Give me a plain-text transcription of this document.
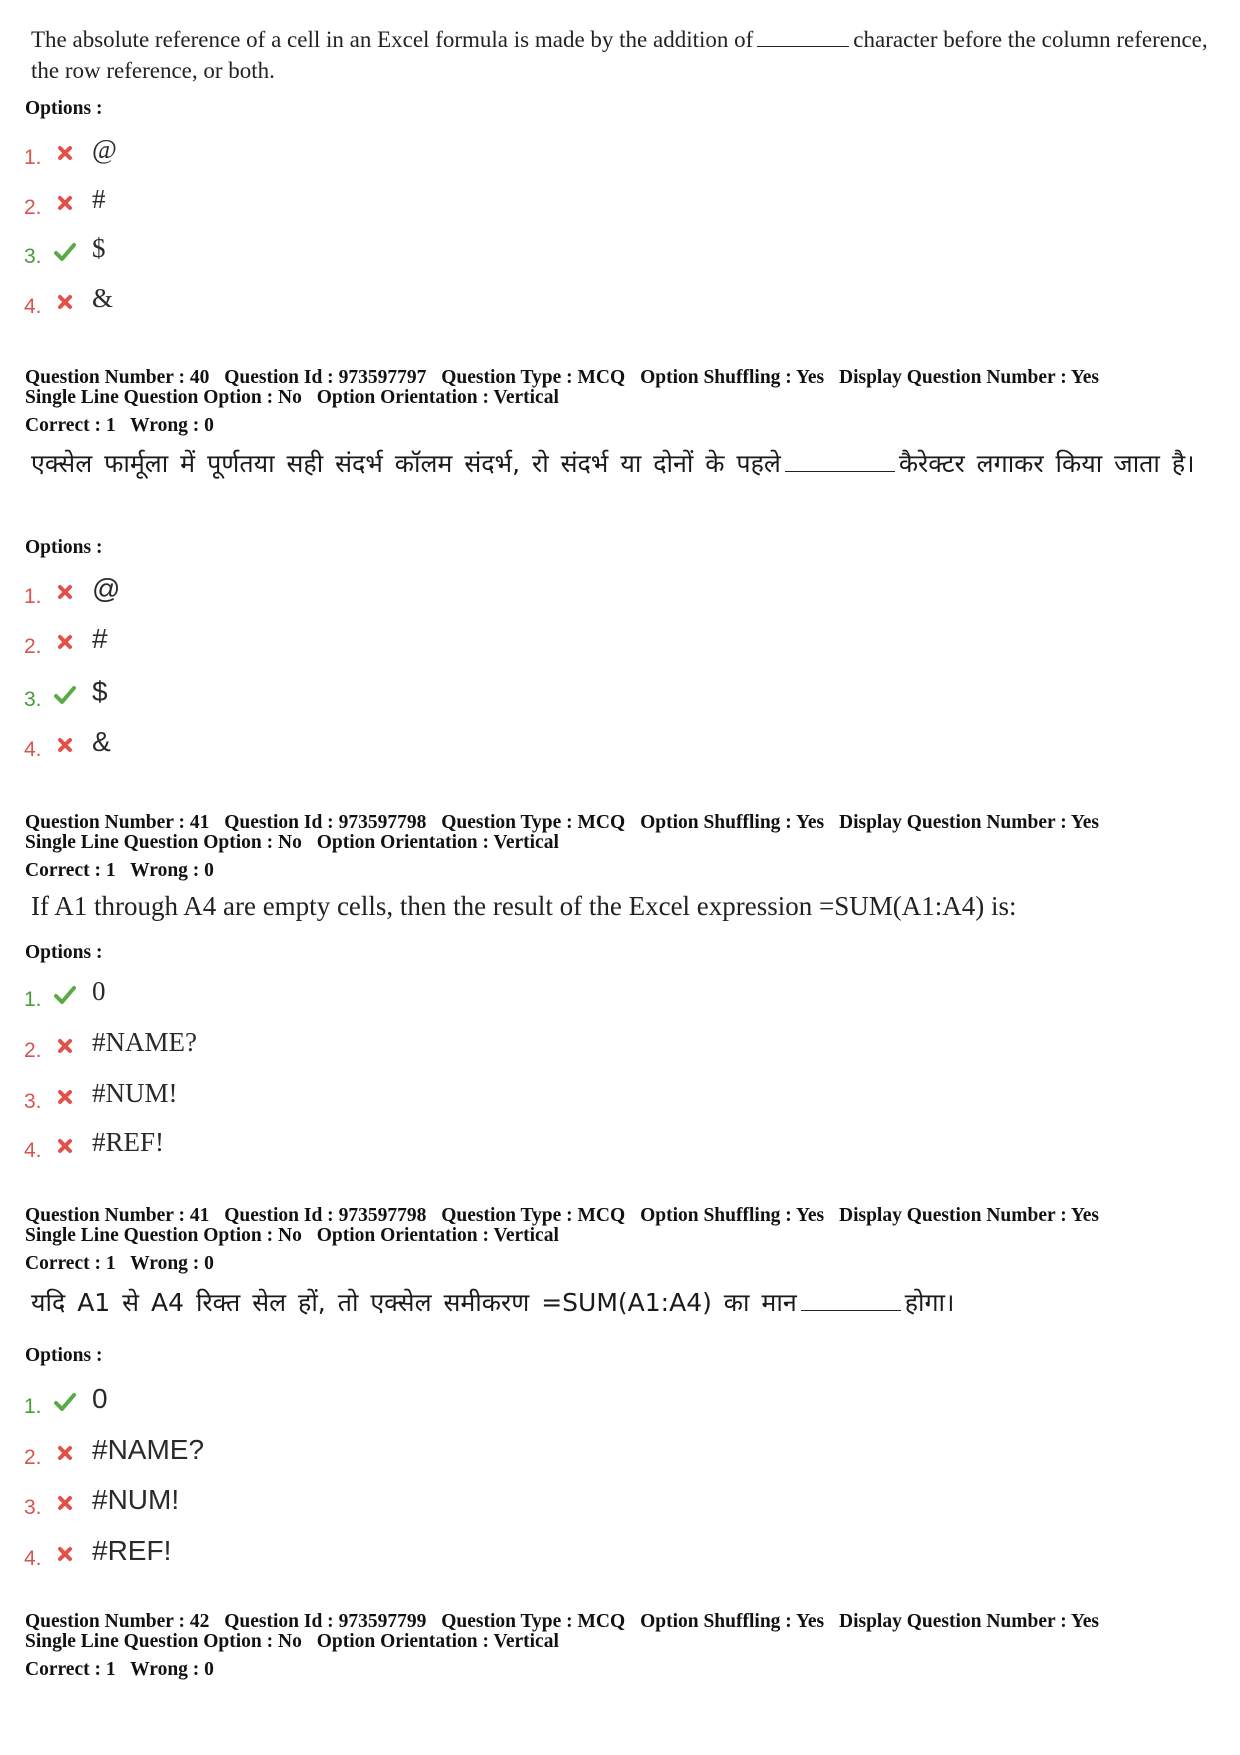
The absolute reference of a cell in an Excel formula is made by the addition of	character before the column reference, the row reference, or both.
Options :
1. @
2. #
3. $
4. &
Question Number : 40 Question Id : 973597797 Question Type : MCQ Option Shuffling : Yes Display Question Number : Yes
Single Line Question Option : No Option Orientation : Vertical
Correct : 1 Wrong : 0
एक्सेल फार्मूला में पूर्णतया सही संदर्भ कॉलम संदर्भ, रो संदर्भ या दोनों के पहले	कैरेक्टर लगाकर किया जाता है।
Options :
1. @
2. #
3. $
4. &
Question Number : 41 Question Id : 973597798 Question Type : MCQ Option Shuffling : Yes Display Question Number : Yes
Single Line Question Option : No Option Orientation : Vertical
Correct : 1 Wrong : 0
If A1 through A4 are empty cells, then the result of the Excel expression =SUM(A1:A4) is:
Options :
1. 0
2. #NAME?
3. #NUM!
4. #REF!
Question Number : 41 Question Id : 973597798 Question Type : MCQ Option Shuffling : Yes Display Question Number : Yes
Single Line Question Option : No Option Orientation : Vertical
Correct : 1 Wrong : 0
यदि A1 से A4 रिक्त सेल हों, तो एक्सेल समीकरण =SUM(A1:A4) का मान	होगा।
Options :
1. 0
2. #NAME?
3. #NUM!
4. #REF!
Question Number : 42 Question Id : 973597799 Question Type : MCQ Option Shuffling : Yes Display Question Number : Yes
Single Line Question Option : No Option Orientation : Vertical
Correct : 1 Wrong : 0
